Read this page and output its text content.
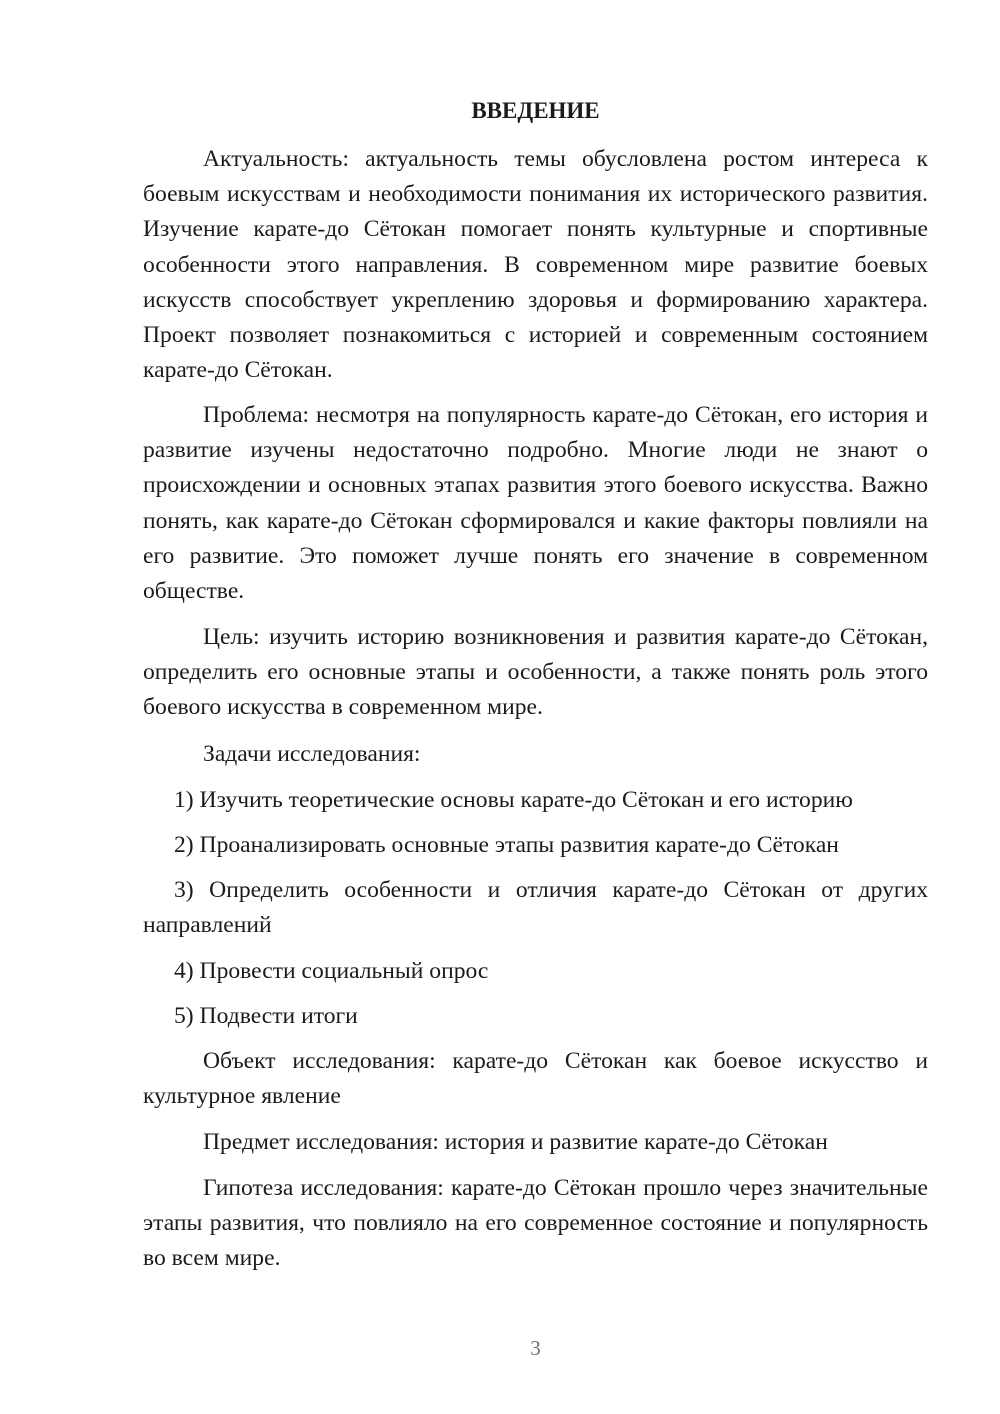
ВВЕДЕНИЕ

Актуальность: актуальность темы обусловлена ростом интереса к боевым искусствам и необходимости понимания их исторического развития. Изучение карате-до Сётокан помогает понять культурные и спортивные особенности этого направления. В современном мире развитие боевых искусств способствует укреплению здоровья и формированию характера. Проект позволяет познакомиться с историей и современным состоянием карате-до Сётокан.

Проблема: несмотря на популярность карате-до Сётокан, его история и развитие изучены недостаточно подробно. Многие люди не знают о происхождении и основных этапах развития этого боевого искусства. Важно понять, как карате-до Сётокан сформировался и какие факторы повлияли на его развитие. Это поможет лучше понять его значение в современном обществе.

Цель: изучить историю возникновения и развития карате-до Сётокан, определить его основные этапы и особенности, а также понять роль этого боевого искусства в современном мире.

Задачи исследования:

1) Изучить теоретические основы карате-до Сётокан и его историю

2) Проанализировать основные этапы развития карате-до Сётокан

3) Определить особенности и отличия карате-до Сётокан от других направлений

4) Провести социальный опрос

5) Подвести итоги

Объект исследования: карате-до Сётокан как боевое искусство и культурное явление

Предмет исследования: история и развитие карате-до Сётокан

Гипотеза исследования: карате-до Сётокан прошло через значительные этапы развития, что повлияло на его современное состояние и популярность во всем мире.

3
